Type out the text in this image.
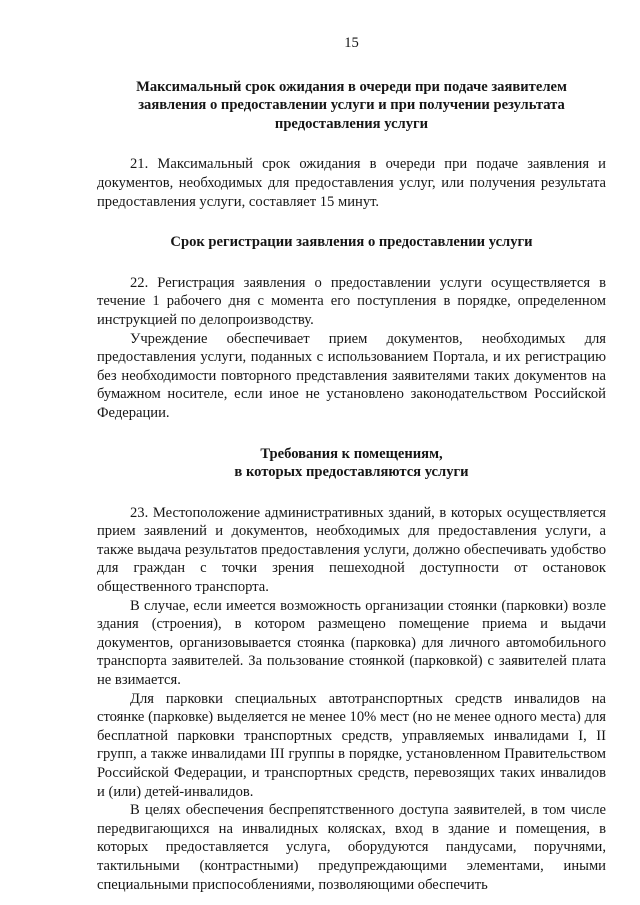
15
Максимальный срок ожидания в очереди при подаче заявителем заявления о предоставлении услуги и при получении результата предоставления услуги

21. Максимальный срок ожидания в очереди при подаче заявления и документов, необходимых для предоставления услуг, или получения результата предоставления услуги, составляет 15 минут.

Срок регистрации заявления о предоставлении услуги

22. Регистрация заявления о предоставлении услуги осуществляется в течение 1 рабочего дня с момента его поступления в порядке, определенном инструкцией по делопроизводству.

Учреждение обеспечивает прием документов, необходимых для предоставления услуги, поданных с использованием Портала, и их регистрацию без необходимости повторного представления заявителями таких документов на бумажном носителе, если иное не установлено законодательством Российской Федерации.

Требования к помещениям,
в которых предоставляются услуги

23. Местоположение административных зданий, в которых осуществляется прием заявлений и документов, необходимых для предоставления услуги, а также выдача результатов предоставления услуги, должно обеспечивать удобство для граждан с точки зрения пешеходной доступности от остановок общественного транспорта.

В случае, если имеется возможность организации стоянки (парковки) возле здания (строения), в котором размещено помещение приема и выдачи документов, организовывается стоянка (парковка) для личного автомобильного транспорта заявителей. За пользование стоянкой (парковкой) с заявителей плата не взимается.

Для парковки специальных автотранспортных средств инвалидов на стоянке (парковке) выделяется не менее 10% мест (но не менее одного места) для бесплатной парковки транспортных средств, управляемых инвалидами I, II групп, а также инвалидами III группы в порядке, установленном Правительством Российской Федерации, и транспортных средств, перевозящих таких инвалидов и (или) детей-инвалидов.

В целях обеспечения беспрепятственного доступа заявителей, в том числе передвигающихся на инвалидных колясках, вход в здание и помещения, в которых предоставляется услуга, оборудуются пандусами, поручнями, тактильными (контрастными) предупреждающими элементами, иными специальными приспособлениями, позволяющими обеспечить
